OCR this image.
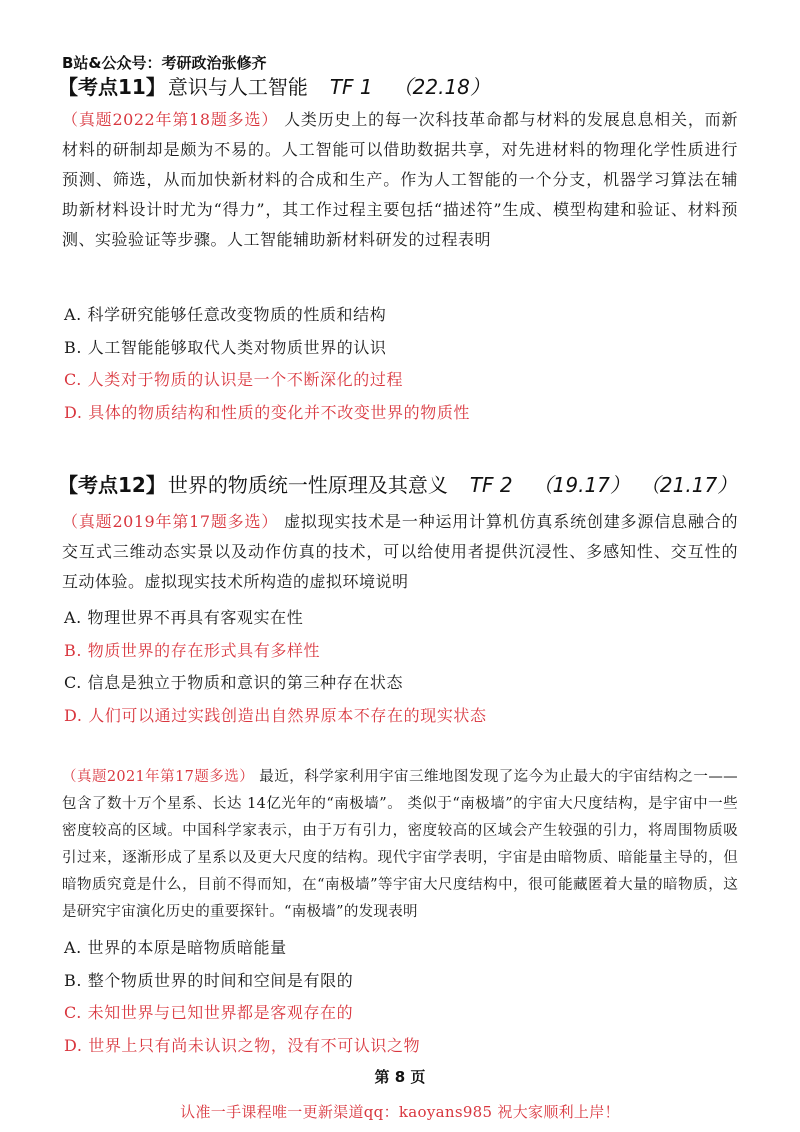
B站&公众号：考研政治张修齐
【考点11】 意识与人工智能 TF 1 （22.18）
（真题2022年第18题多选） 人类历史上的每一次科技革命都与材料的发展息息相关，而新材料的研制却是颇为不易的。人工智能可以借助数据共享，对先进材料的物理化学性质进行预测、筛选，从而加快新材料的合成和生产。作为人工智能的一个分支，机器学习算法在辅助新材料设计时尤为“得力”，其工作过程主要包括“描述符”生成、模型构建和验证、材料预测、实验验证等步骤。人工智能辅助新材料研发的过程表明
A. 科学研究能够任意改变物质的性质和结构
B. 人工智能能够取代人类对物质世界的认识
C. 人类对于物质的认识是一个不断深化的过程
D. 具体的物质结构和性质的变化并不改变世界的物质性
【考点12】 世界的物质统一性原理及其意义 TF 2 （19.17） （21.17）
（真题2019年第17题多选） 虚拟现实技术是一种运用计算机仿真系统创建多源信息融合的交互式三维动态实景以及动作仿真的技术，可以给使用者提供沉浸性、多感知性、交互性的互动体验。虚拟现实技术所构造的虚拟环境说明
A. 物理世界不再具有客观实在性
B. 物质世界的存在形式具有多样性
C. 信息是独立于物质和意识的第三种存在状态
D. 人们可以通过实践创造出自然界原本不存在的现实状态
（真题2021年第17题多选） 最近，科学家利用宇宙三维地图发现了迄今为止最大的宇宙结构之一——包含了数十万个星系、长达 14亿光年的“南极墙”。 类似于“南极墙”的宇宙大尺度结构，是宇宙中一些密度较高的区域。中国科学家表示，由于万有引力，密度较高的区域会产生较强的引力，将周围物质吸引过来，逐渐形成了星系以及更大尺度的结构。现代宇宙学表明，宇宙是由暗物质、暗能量主导的，但暗物质究竟是什么，目前不得而知，在“南极墙”等宇宙大尺度结构中，很可能藏匿着大量的暗物质，这是研究宇宙演化历史的重要探针。“南极墙”的发现表明
A. 世界的本原是暗物质暗能量
B. 整个物质世界的时间和空间是有限的
C. 未知世界与已知世界都是客观存在的
D. 世界上只有尚未认识之物，没有不可认识之物
第 8 页
认准一手课程唯一更新渠道qq：kaoyans985 祝大家顺利上岸！
